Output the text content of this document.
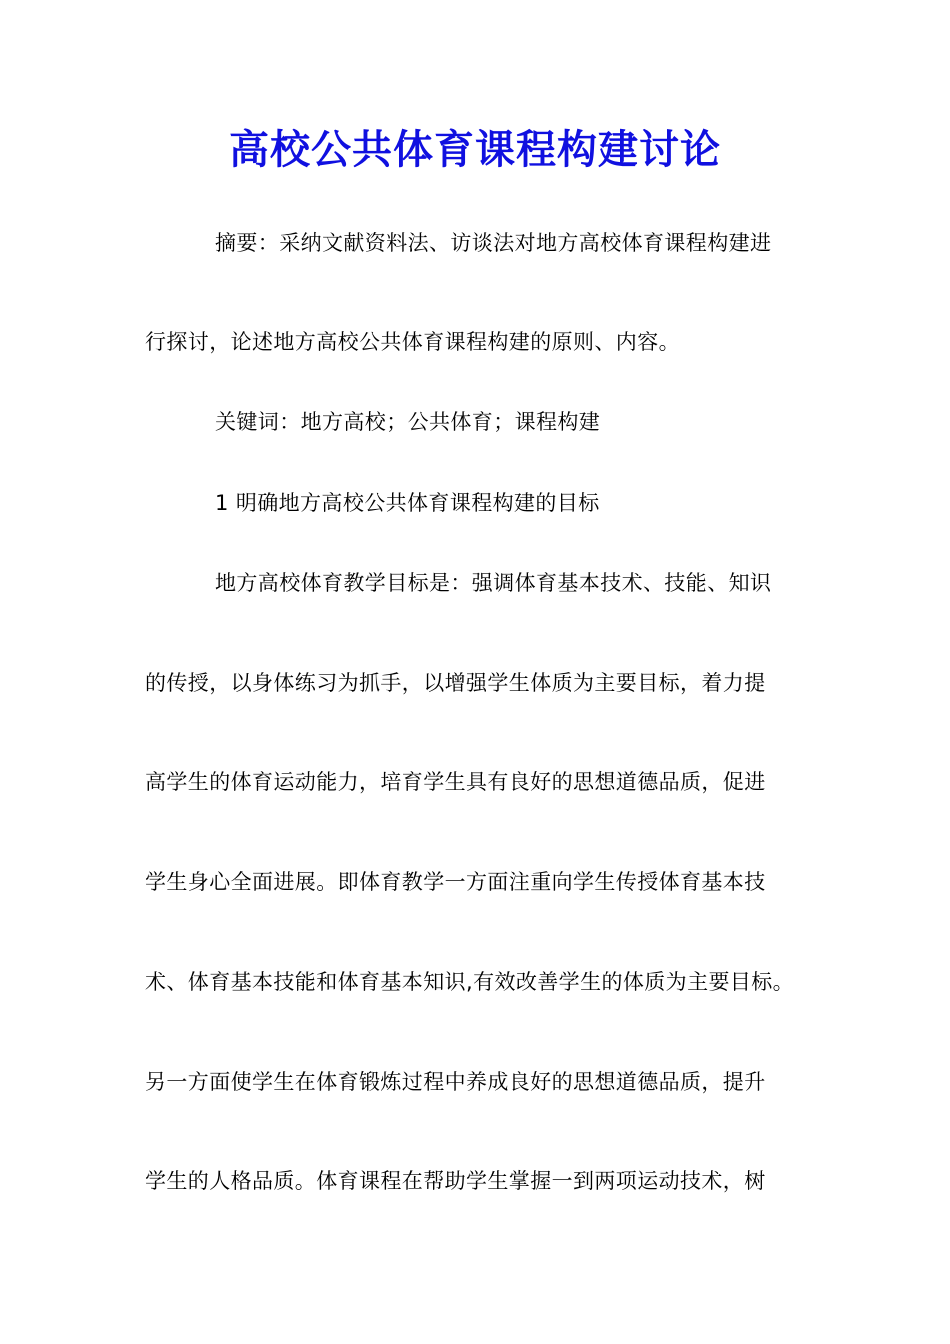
高校公共体育课程构建讨论
摘要：采纳文献资料法、访谈法对地方高校体育课程构建进
行探讨，论述地方高校公共体育课程构建的原则、内容。
关键词：地方高校；公共体育；课程构建
1 明确地方高校公共体育课程构建的目标
地方高校体育教学目标是：强调体育基本技术、技能、知识
的传授，以身体练习为抓手，以增强学生体质为主要目标，着力提
高学生的体育运动能力，培育学生具有良好的思想道德品质，促进
学生身心全面进展。即体育教学一方面注重向学生传授体育基本技
术、体育基本技能和体育基本知识,有效改善学生的体质为主要目标。
另一方面使学生在体育锻炼过程中养成良好的思想道德品质，提升
学生的人格品质。体育课程在帮助学生掌握一到两项运动技术，树
